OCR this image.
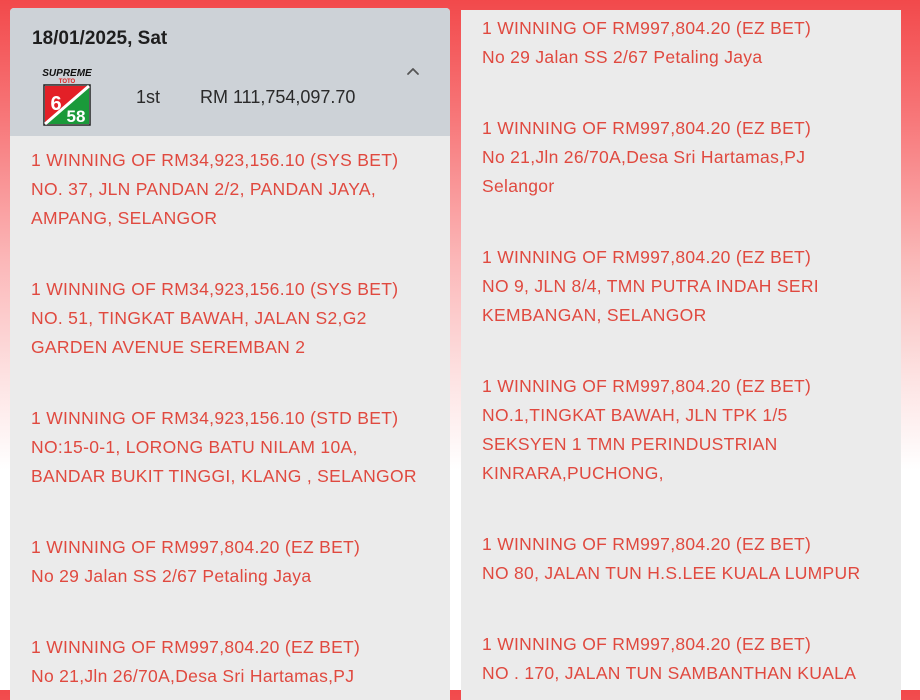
18/01/2025, Sat
SUPREME
TOTO
6
58
1st RM 111,754,097.70
1 WINNING OF RM34,923,156.10 (SYS BET)
NO. 37, JLN PANDAN 2/2, PANDAN JAYA,
AMPANG, SELANGOR
1 WINNING OF RM34,923,156.10 (SYS BET)
NO. 51, TINGKAT BAWAH, JALAN S2,G2
GARDEN AVENUE SEREMBAN 2
1 WINNING OF RM34,923,156.10 (STD BET)
NO:15-0-1, LORONG BATU NILAM 10A,
BANDAR BUKIT TINGGI, KLANG , SELANGOR
1 WINNING OF RM997,804.20 (EZ BET)
No 29 Jalan SS 2/67 Petaling Jaya
1 WINNING OF RM997,804.20 (EZ BET)
No 21,Jln 26/70A,Desa Sri Hartamas,PJ
1 WINNING OF RM997,804.20 (EZ BET)
No 29 Jalan SS 2/67 Petaling Jaya
1 WINNING OF RM997,804.20 (EZ BET)
No 21,Jln 26/70A,Desa Sri Hartamas,PJ
Selangor
1 WINNING OF RM997,804.20 (EZ BET)
NO 9, JLN 8/4, TMN PUTRA INDAH SERI
KEMBANGAN, SELANGOR
1 WINNING OF RM997,804.20 (EZ BET)
NO.1,TINGKAT BAWAH, JLN TPK 1/5
SEKSYEN 1 TMN PERINDUSTRIAN
KINRARA,PUCHONG,
1 WINNING OF RM997,804.20 (EZ BET)
NO 80, JALAN TUN H.S.LEE KUALA LUMPUR
1 WINNING OF RM997,804.20 (EZ BET)
NO . 170, JALAN TUN SAMBANTHAN KUALA
